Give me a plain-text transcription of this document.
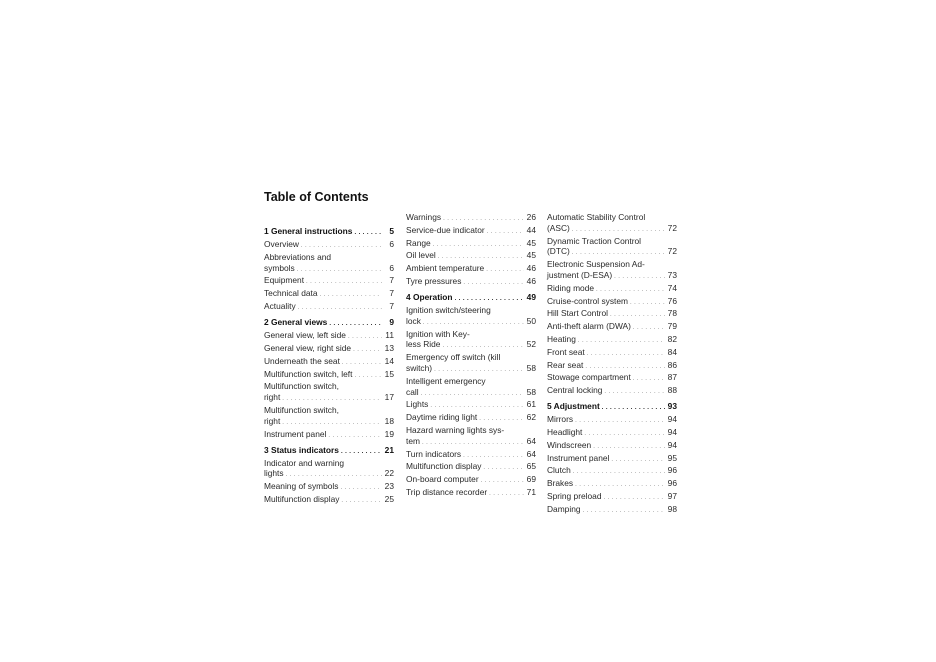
Table of Contents

1 General instructions . . .	5
Overview . . .	6
Abbreviations and
symbols . . .	6
Equipment . . .	7
Technical data . . .	7
Actuality . . .	7
2 General views . . .	9
General view, left side . . .	11
General view, right side . . .	13
Underneath the seat . . .	14
Multifunction switch, left . . .	15
Multifunction switch,
right . . .	17
Multifunction switch,
right . . .	18
Instrument panel . . .	19
3 Status indicators . . .	21
Indicator and warning
lights . . .	22
Meaning of symbols . . .	23
Multifunction display . . .	25
Warnings . . .	26
Service-due indicator . . .	44
Range . . .	45
Oil level . . .	45
Ambient temperature . . .	46
Tyre pressures . . .	46
4 Operation . . .	49
Ignition switch/steering
lock . . .	50
Ignition with Key-
less Ride . . .	52
Emergency off switch (kill
switch) . . .	58
Intelligent emergency
call . . .	58
Lights . . .	61
Daytime riding light . . .	62
Hazard warning lights sys-
tem . . .	64
Turn indicators . . .	64
Multifunction display . . .	65
On-board computer . . .	69
Trip distance recorder . . .	71
Automatic Stability Control
(ASC) . . .	72
Dynamic Traction Control
(DTC) . . .	72
Electronic Suspension Ad-
justment (D-ESA) . . .	73
Riding mode . . .	74
Cruise-control system . . .	76
Hill Start Control . . .	78
Anti-theft alarm (DWA) . . .	79
Heating . . .	82
Front seat . . .	84
Rear seat . . .	86
Stowage compartment . . .	87
Central locking . . .	88
5 Adjustment . . .	93
Mirrors . . .	94
Headlight . . .	94
Windscreen . . .	94
Instrument panel . . .	95
Clutch . . .	96
Brakes . . .	96
Spring preload . . .	97
Damping . . .	98
